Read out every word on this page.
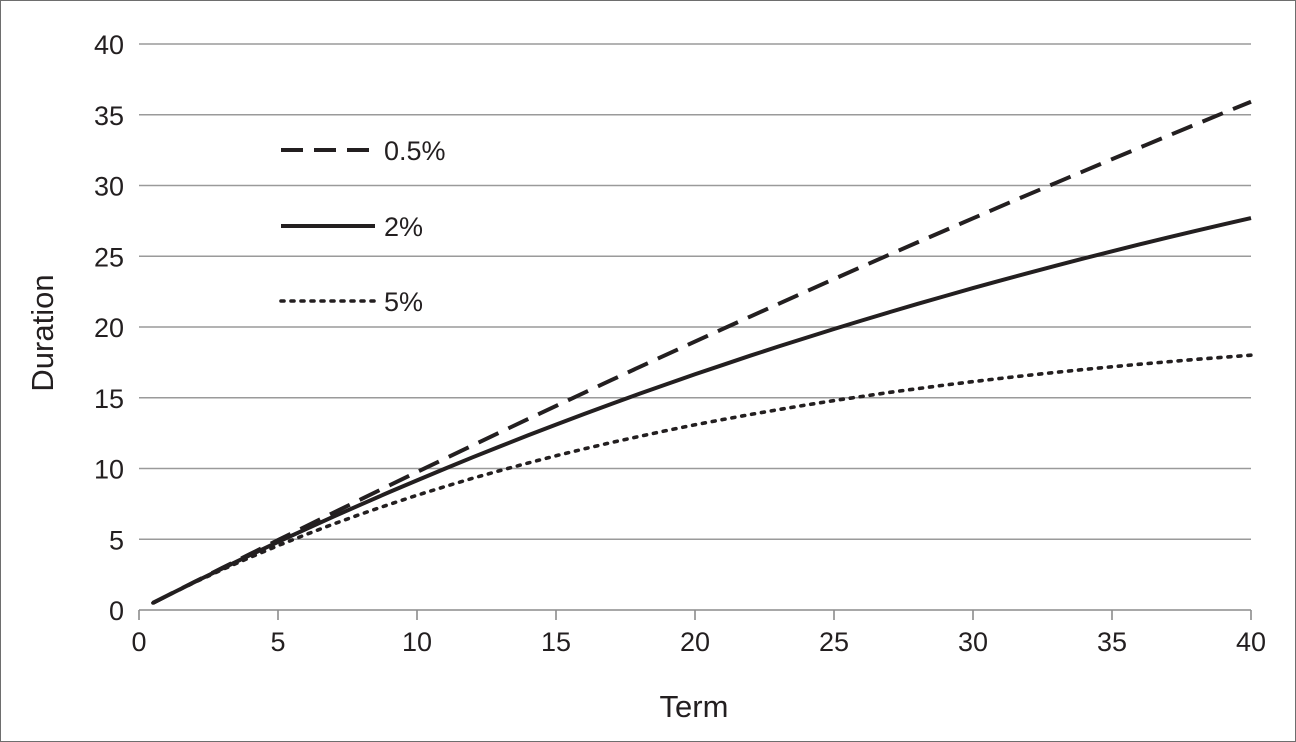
0
5
10
15
20
25
30
35
40
0	5	10	15	20	25	30	35	40
0.5%
2%
5%
Term
Duration
